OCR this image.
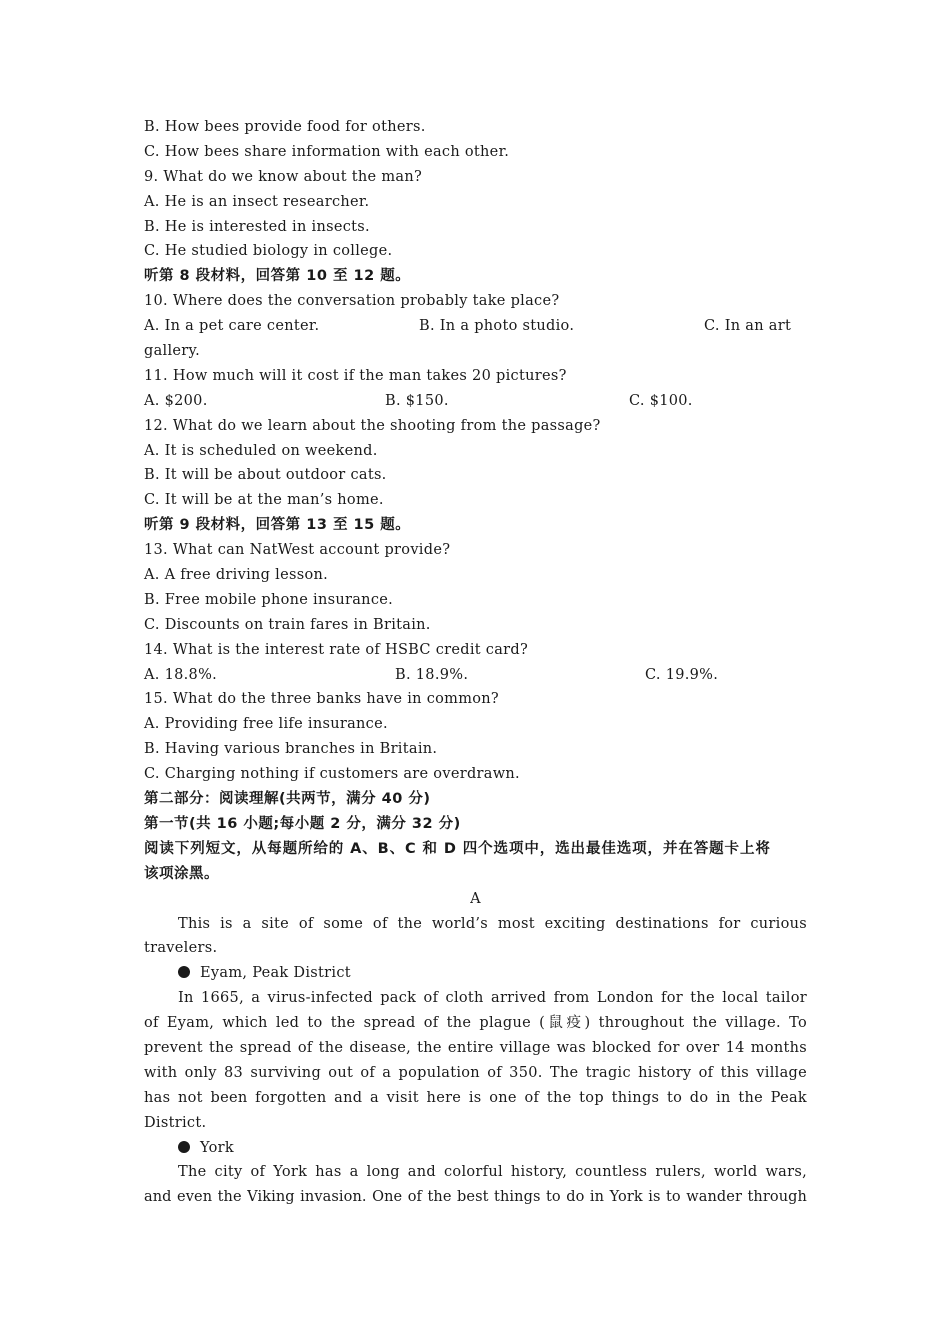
B. How bees provide food for others.
C. How bees share information with each other.
9. What do we know about the man?
A. He is an insect researcher.
B. He is interested in insects.
C. He studied biology in college.
听第 8 段材料，回答第 10 至 12 题。
10. Where does the conversation probably take place?
A. In a pet care center.	B. In a photo studio.	C. In an art
gallery.
11. How much will it cost if the man takes 20 pictures?
A. $200.	B. $150.	C. $100.
12. What do we learn about the shooting from the passage?
A. It is scheduled on weekend.
B. It will be about outdoor cats.
C. It will be at the man’s home.
听第 9 段材料，回答第 13 至 15 题。
13. What can NatWest account provide?
A. A free driving lesson.
B. Free mobile phone insurance.
C. Discounts on train fares in Britain.
14. What is the interest rate of HSBC credit card?
A. 18.8%.	B. 18.9%.	C. 19.9%.
15. What do the three banks have in common?
A. Providing free life insurance.
B. Having various branches in Britain.
C. Charging nothing if customers are overdrawn.
第二部分：阅读理解(共两节，满分 40 分)
第一节(共 16 小题;每小题 2 分，满分 32 分)
阅读下列短文，从每题所给的 A、B、C 和 D 四个选项中，选出最佳选项，并在答题卡上将
该项涂黑。
A
This is a site of some of the world’s most exciting destinations for curious
travelers.
Eyam, Peak District
In 1665, a virus-infected pack of cloth arrived from London for the local tailor
of Eyam, which led to the spread of the plague (鼠疫) throughout the village. To
prevent the spread of the disease, the entire village was blocked for over 14 months
with only 83 surviving out of a population of 350. The tragic history of this village
has not been forgotten and a visit here is one of the top things to do in the Peak
District.
York
The city of York has a long and colorful history, countless rulers, world wars,
and even the Viking invasion. One of the best things to do in York is to wander through
